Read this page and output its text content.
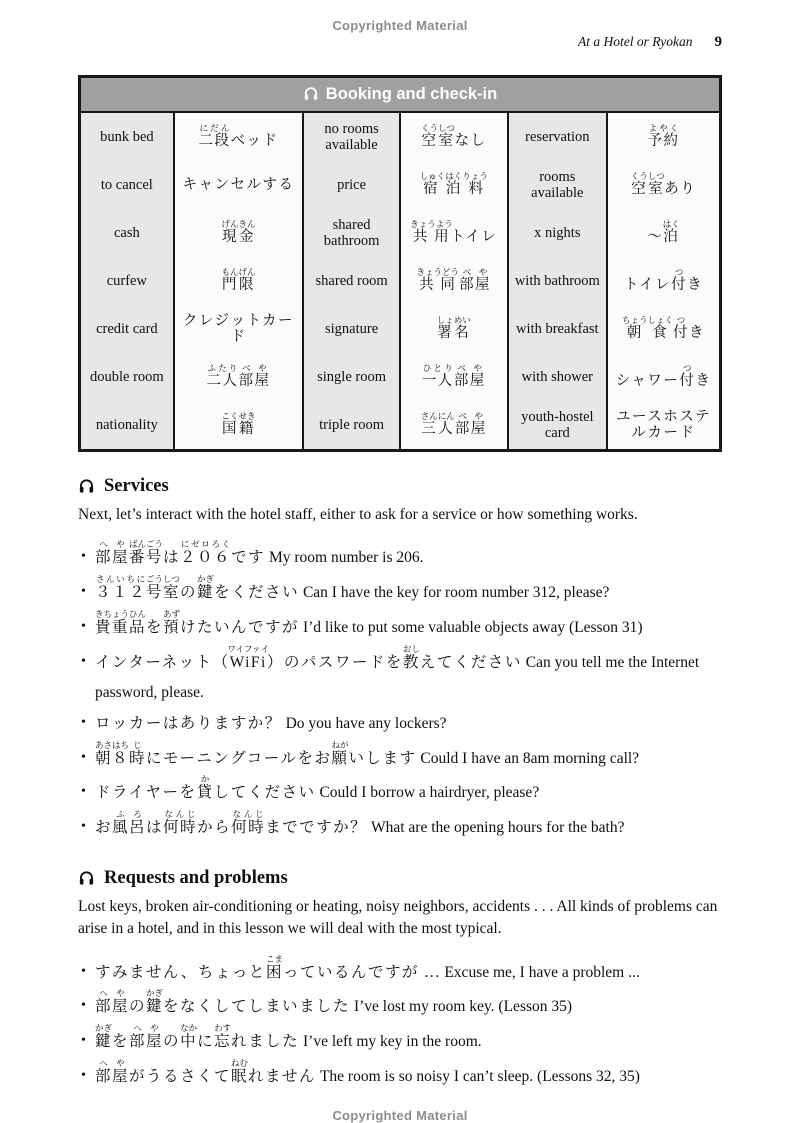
Copyrighted Material
At a Hotel or Ryokan 9
Booking and check-in					
bunk bed	二段にだんベッド	no rooms available	空室くうしつなし	reservation	予約よやく
to cancel	キャンセルする	price	宿泊料しゅくはくりょう	rooms available	空室くうしつあり
cash	現金げんきん	shared bathroom	共用きょうようトイレ	x nights	～泊はく
curfew	門限もんげん	shared room	共同きょうどう部屋べや	with bathroom	トイレ付つき
credit card	クレジットカード	signature	署名しょめい	with breakfast	朝食ちょうしょく付つき
double room	二人ふたり部屋べや	single room	一人ひとり部屋べや	with shower	シャワー付つき
nationality	国籍こくせき	triple room	三人さんにん部屋べや	youth-hostel card	ユースホステルカード
Services

Next, let’s interact with the hotel staff, either to ask for a service or how something works.

• 部屋へや番号ばんごうは２０６にゼロろくです My room number is 206.
• ３１２さんいちに号室ごうしつの鍵かぎをください Can I have the key for room number 312, please?
• 貴重品きちょうひんを預あずけたいんですが I’d like to put some valuable objects away (Lesson 31)
• インターネット（WiFiワイファイ）のパスワードを教おしえてください Can you tell me the Internet password, please.
• ロッカーはありますか？ Do you have any lockers?
• 朝あさ８はち時じにモーニングコールをお願ねがいします Could I have an 8am morning call?
• ドライヤーを貸かしてください Could I borrow a hairdryer, please?
• お風呂ふろは何時なんじから何時なんじまでですか？ What are the opening hours for the bath?
Requests and problems

Lost keys, broken air-conditioning or heating, noisy neighbors, accidents . . . All kinds of problems can arise in a hotel, and in this lesson we will deal with the most typical.

• すみません、ちょっと困こまっているんですが ... Excuse me, I have a problem ...
• 部屋へやの鍵かぎをなくしてしまいました I’ve lost my room key. (Lesson 35)
• 鍵かぎを部屋へやの中なかに忘わすれました I’ve left my key in the room.
• 部屋へやがうるさくて眠ねむれません The room is so noisy I can’t sleep. (Lessons 32, 35)
Copyrighted Material
